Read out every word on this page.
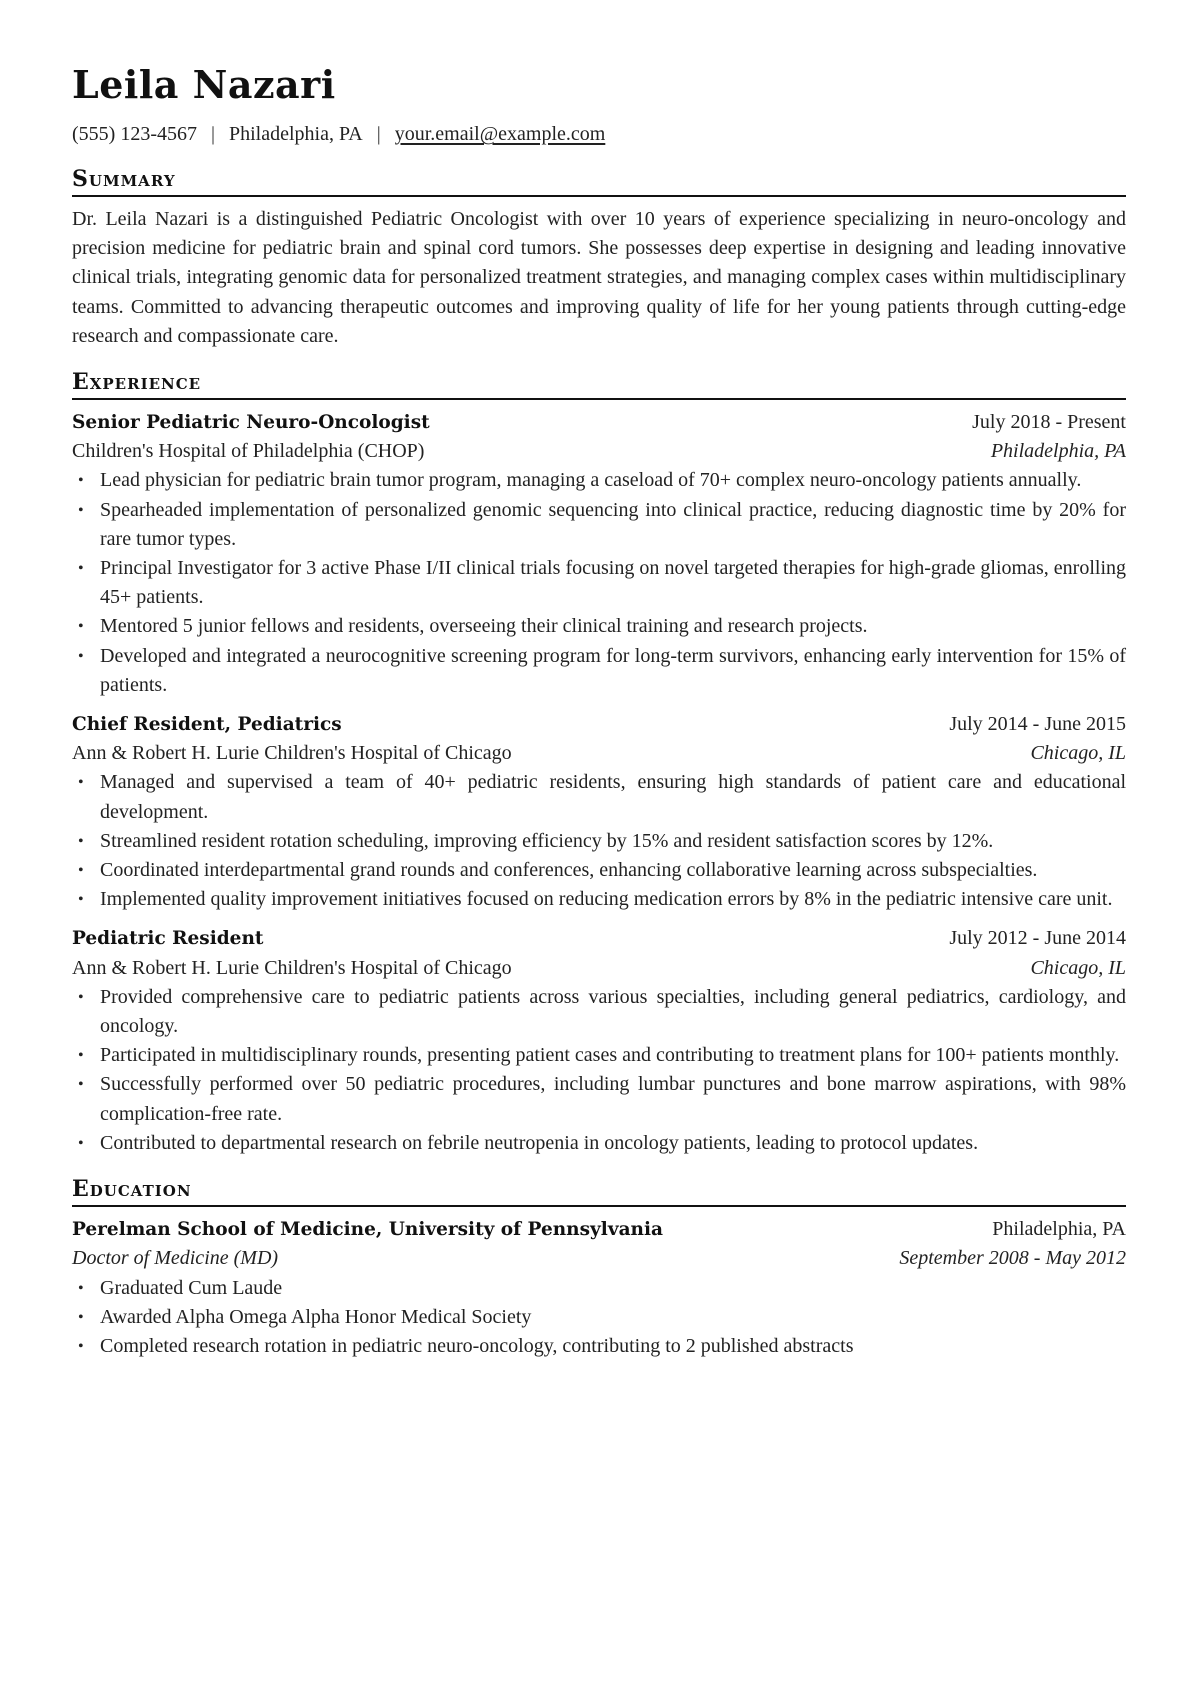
Leila Nazari
(555) 123-4567 | Philadelphia, PA | your.email@example.com
Summary

Dr. Leila Nazari is a distinguished Pediatric Oncologist with over 10 years of experience specializing in neuro-oncology and precision medicine for pediatric brain and spinal cord tumors. She possesses deep expertise in designing and leading innovative clinical trials, integrating genomic data for personalized treatment strategies, and managing complex cases within multidisciplinary teams. Committed to advancing therapeutic outcomes and improving quality of life for her young patients through cutting-edge research and compassionate care.

Experience
Senior Pediatric Neuro-Oncologist	July 2018 - Present
Children's Hospital of Philadelphia (CHOP)	Philadelphia, PA
• Lead physician for pediatric brain tumor program, managing a caseload of 70+ complex neuro-oncology patients annually.
• Spearheaded implementation of personalized genomic sequencing into clinical practice, reducing diagnostic time by 20% for rare tumor types.
• Principal Investigator for 3 active Phase I/II clinical trials focusing on novel targeted therapies for high-grade gliomas, enrolling 45+ patients.
• Mentored 5 junior fellows and residents, overseeing their clinical training and research projects.
• Developed and integrated a neurocognitive screening program for long-term survivors, enhancing early intervention for 15% of patients.
Chief Resident, Pediatrics	July 2014 - June 2015
Ann & Robert H. Lurie Children's Hospital of Chicago	Chicago, IL
• Managed and supervised a team of 40+ pediatric residents, ensuring high standards of patient care and educational development.
• Streamlined resident rotation scheduling, improving efficiency by 15% and resident satisfaction scores by 12%.
• Coordinated interdepartmental grand rounds and conferences, enhancing collaborative learning across subspecialties.
• Implemented quality improvement initiatives focused on reducing medication errors by 8% in the pediatric intensive care unit.
Pediatric Resident	July 2012 - June 2014
Ann & Robert H. Lurie Children's Hospital of Chicago	Chicago, IL
• Provided comprehensive care to pediatric patients across various specialties, including general pediatrics, cardiology, and oncology.
• Participated in multidisciplinary rounds, presenting patient cases and contributing to treatment plans for 100+ patients monthly.
• Successfully performed over 50 pediatric procedures, including lumbar punctures and bone marrow aspirations, with 98% complication-free rate.
• Contributed to departmental research on febrile neutropenia in oncology patients, leading to protocol updates.
Education
Perelman School of Medicine, University of Pennsylvania	Philadelphia, PA
Doctor of Medicine (MD)	September 2008 - May 2012
• Graduated Cum Laude
• Awarded Alpha Omega Alpha Honor Medical Society
• Completed research rotation in pediatric neuro-oncology, contributing to 2 published abstracts
